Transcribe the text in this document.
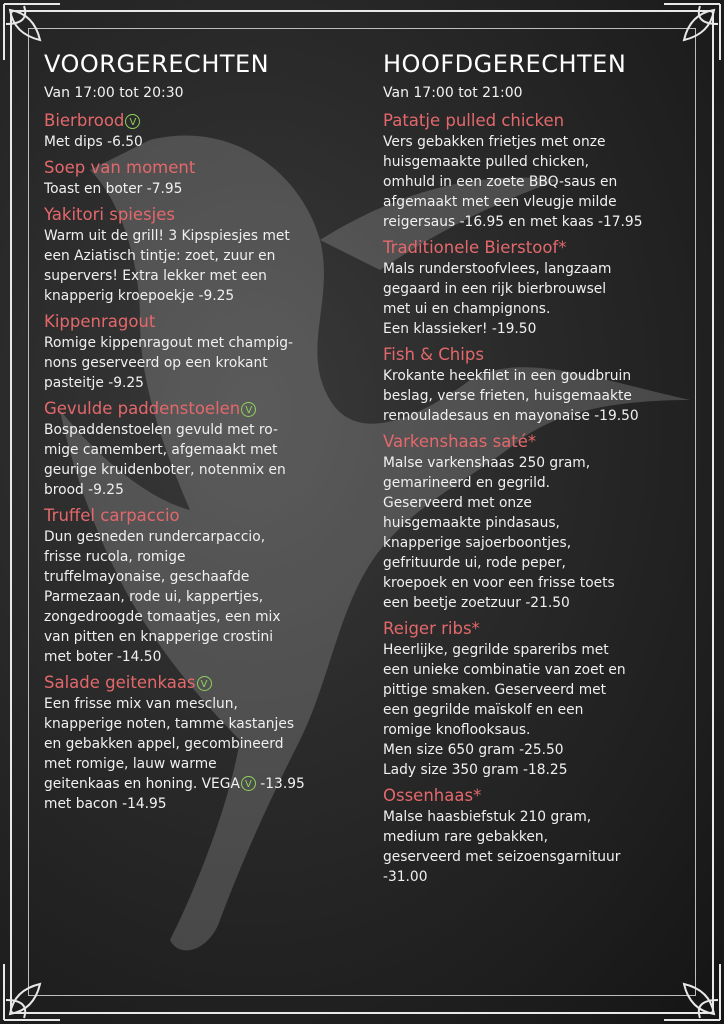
VOORGERECHTEN
Van 17:00 tot 20:30
Bierbrood V
Met dips -6.50
Soep van moment
Toast en boter -7.95
Yakitori spiesjes
Warm uit de grill! 3 Kipspiesjes met
een Aziatisch tintje: zoet, zuur en
supervers! Extra lekker met een
knapperig kroepoekje -9.25
Kippenragout
Romige kippenragout met champig-
nons geserveerd op een krokant
pasteitje -9.25
Gevulde paddenstoelen V
Bospaddenstoelen gevuld met ro-
mige camembert, afgemaakt met
geurige kruidenboter, notenmix en
brood -9.25
Truffel carpaccio
Dun gesneden rundercarpaccio,
frisse rucola, romige
truffelmayonaise, geschaafde
Parmezaan, rode ui, kappertjes,
zongedroogde tomaatjes, een mix
van pitten en knapperige crostini
met boter -14.50
Salade geitenkaas V
Een frisse mix van mesclun,
knapperige noten, tamme kastanjes
en gebakken appel, gecombineerd
met romige, lauw warme
geitenkaas en honing. VEGA V -13.95
met bacon -14.95
HOOFDGERECHTEN
Van 17:00 tot 21:00
Patatje pulled chicken
Vers gebakken frietjes met onze
huisgemaakte pulled chicken,
omhuld in een zoete BBQ-saus en
afgemaakt met een vleugje milde
reigersaus -16.95 en met kaas -17.95
Traditionele Bierstoof*
Mals runderstoofvlees, langzaam
gegaard in een rijk bierbrouwsel
met ui en champignons.
Een klassieker! -19.50
Fish & Chips
Krokante heekfilet in een goudbruin
beslag, verse frieten, huisgemaakte
remouladesaus en mayonaise -19.50
Varkenshaas saté*
Malse varkenshaas 250 gram,
gemarineerd en gegrild.
Geserveerd met onze
huisgemaakte pindasaus,
knapperige sajoerboontjes,
gefrituurde ui, rode peper,
kroepoek en voor een frisse toets
een beetje zoetzuur -21.50
Reiger ribs*
Heerlijke, gegrilde spareribs met
een unieke combinatie van zoet en
pittige smaken. Geserveerd met
een gegrilde maïskolf en een
romige knoflooksaus.
Men size 650 gram -25.50
Lady size 350 gram -18.25
Ossenhaas*
Malse haasbiefstuk 210 gram,
medium rare gebakken,
geserveerd met seizoensgarnituur
-31.00
